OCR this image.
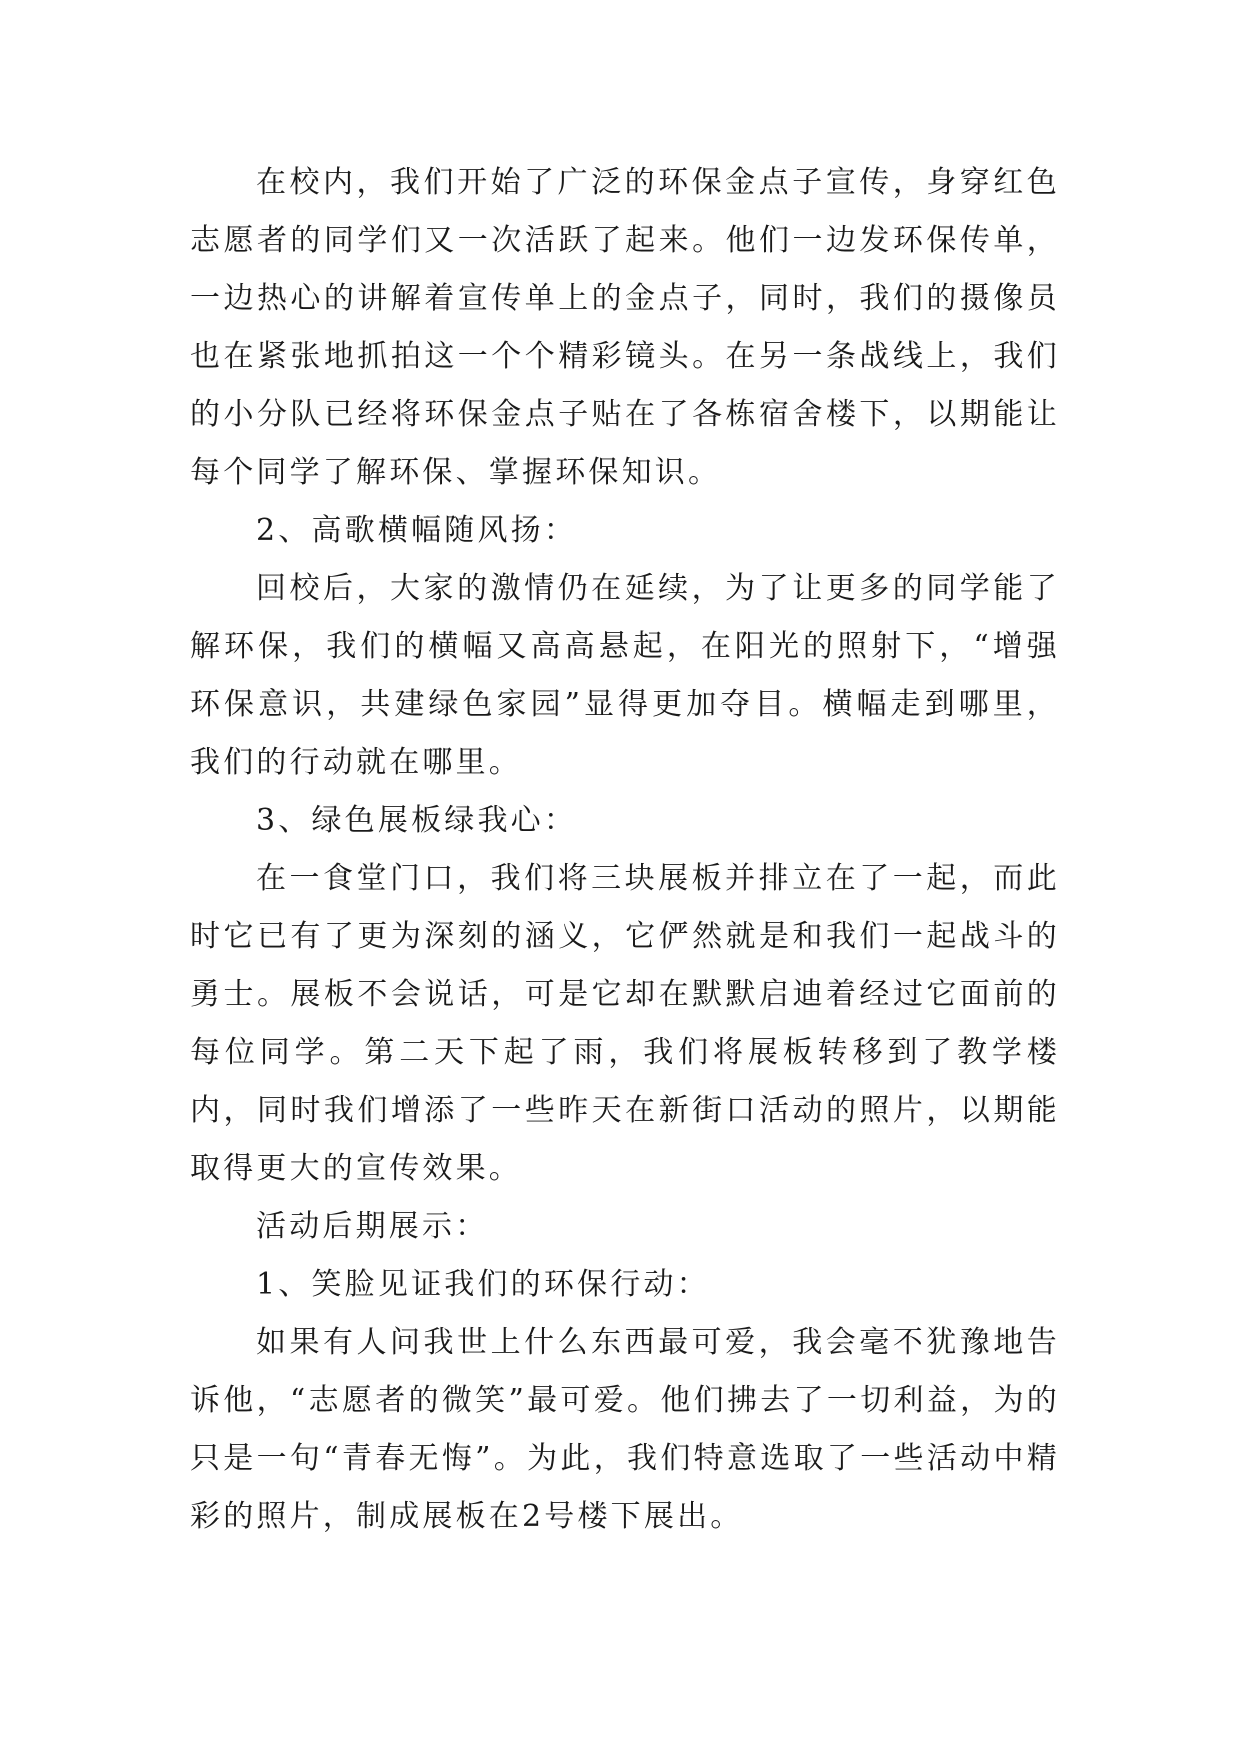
在校内，我们开始了广泛的环保金点子宣传，身穿红色志愿者的同学们又一次活跃了起来。他们一边发环保传单，一边热心的讲解着宣传单上的金点子，同时，我们的摄像员也在紧张地抓拍这一个个精彩镜头。在另一条战线上，我们的小分队已经将环保金点子贴在了各栋宿舍楼下，以期能让每个同学了解环保、掌握环保知识。

2、高歌横幅随风扬：

回校后，大家的激情仍在延续，为了让更多的同学能了解环保，我们的横幅又高高悬起，在阳光的照射下，“增强环保意识，共建绿色家园”显得更加夺目。横幅走到哪里，我们的行动就在哪里。

3、绿色展板绿我心：

在一食堂门口，我们将三块展板并排立在了一起，而此时它已有了更为深刻的涵义，它俨然就是和我们一起战斗的勇士。展板不会说话，可是它却在默默启迪着经过它面前的每位同学。第二天下起了雨，我们将展板转移到了教学楼内，同时我们增添了一些昨天在新街口活动的照片，以期能取得更大的宣传效果。

活动后期展示：

1、笑脸见证我们的环保行动：

如果有人问我世上什么东西最可爱，我会毫不犹豫地告诉他，“志愿者的微笑”最可爱。他们拂去了一切利益，为的只是一句“青春无悔”。为此，我们特意选取了一些活动中精彩的照片，制成展板在2号楼下展出。
